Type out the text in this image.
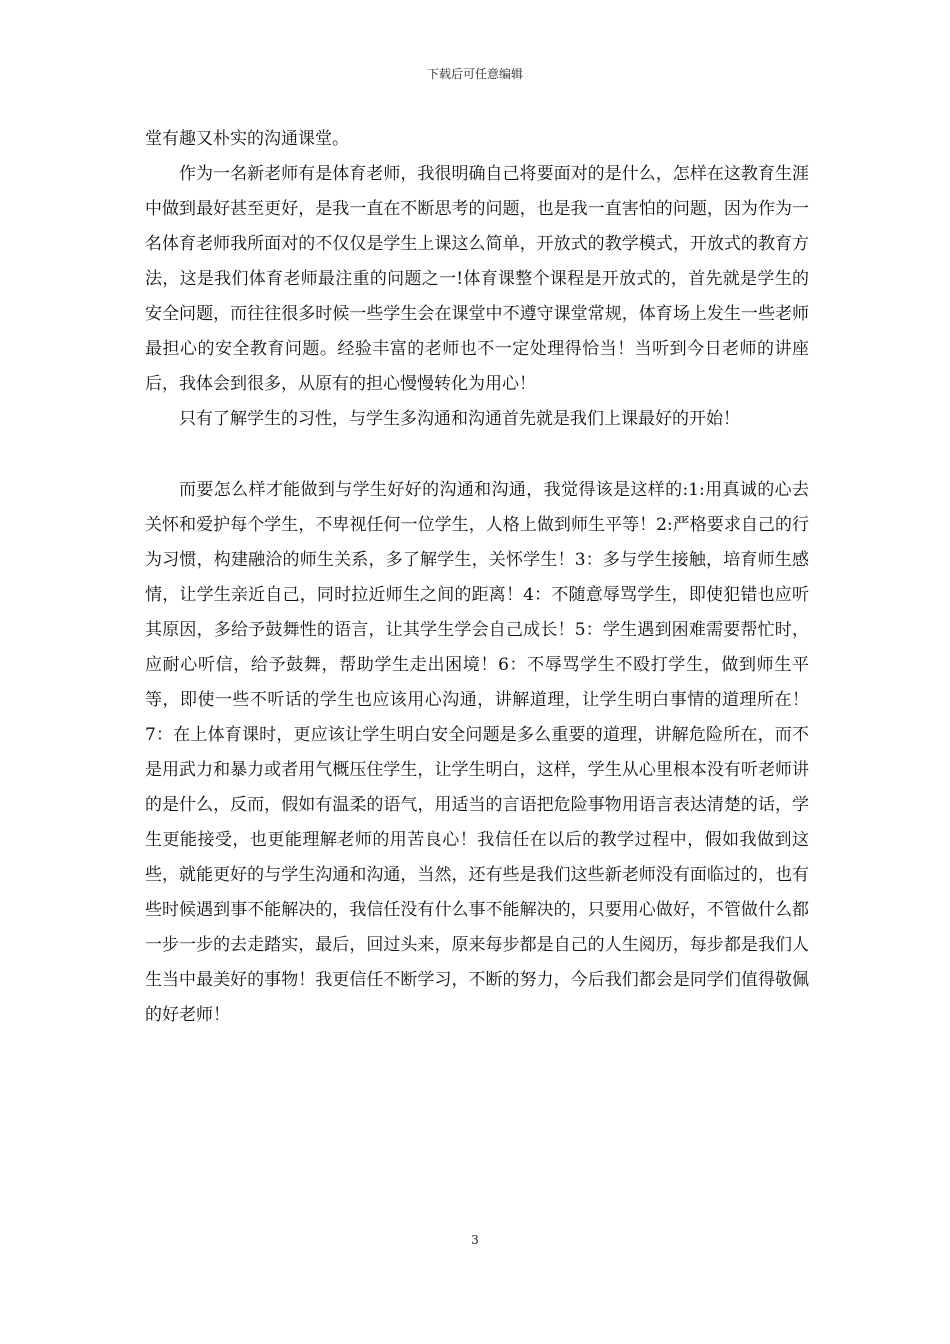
下载后可任意编辑

堂有趣又朴实的沟通课堂。

作为一名新老师有是体育老师，我很明确自己将要面对的是什么，怎样在这教育生涯中做到最好甚至更好，是我一直在不断思考的问题，也是我一直害怕的问题，因为作为一名体育老师我所面对的不仅仅是学生上课这么简单，开放式的教学模式，开放式的教育方法，这是我们体育老师最注重的问题之一!体育课整个课程是开放式的，首先就是学生的安全问题，而往往很多时候一些学生会在课堂中不遵守课堂常规，体育场上发生一些老师最担心的安全教育问题。经验丰富的老师也不一定处理得恰当！当听到今日老师的讲座后，我体会到很多，从原有的担心慢慢转化为用心！

只有了解学生的习性，与学生多沟通和沟通首先就是我们上课最好的开始！

而要怎么样才能做到与学生好好的沟通和沟通，我觉得该是这样的:1:用真诚的心去关怀和爱护每个学生，不卑视任何一位学生，人格上做到师生平等！2:严格要求自己的行为习惯，构建融洽的师生关系，多了解学生，关怀学生！3：多与学生接触，培育师生感情，让学生亲近自己，同时拉近师生之间的距离！4：不随意辱骂学生，即使犯错也应听其原因，多给予鼓舞性的语言，让其学生学会自己成长！5：学生遇到困难需要帮忙时，应耐心听信，给予鼓舞，帮助学生走出困境！6：不辱骂学生不殴打学生，做到师生平等，即使一些不听话的学生也应该用心沟通，讲解道理，让学生明白事情的道理所在！7：在上体育课时，更应该让学生明白安全问题是多么重要的道理，讲解危险所在，而不是用武力和暴力或者用气概压住学生，让学生明白，这样，学生从心里根本没有听老师讲的是什么，反而，假如有温柔的语气，用适当的言语把危险事物用语言表达清楚的话，学生更能接受，也更能理解老师的用苦良心！我信任在以后的教学过程中，假如我做到这些，就能更好的与学生沟通和沟通，当然，还有些是我们这些新老师没有面临过的，也有些时候遇到事不能解决的，我信任没有什么事不能解决的，只要用心做好，不管做什么都一步一步的去走踏实，最后，回过头来，原来每步都是自己的人生阅历，每步都是我们人生当中最美好的事物！我更信任不断学习，不断的努力，今后我们都会是同学们值得敬佩的好老师！

3
